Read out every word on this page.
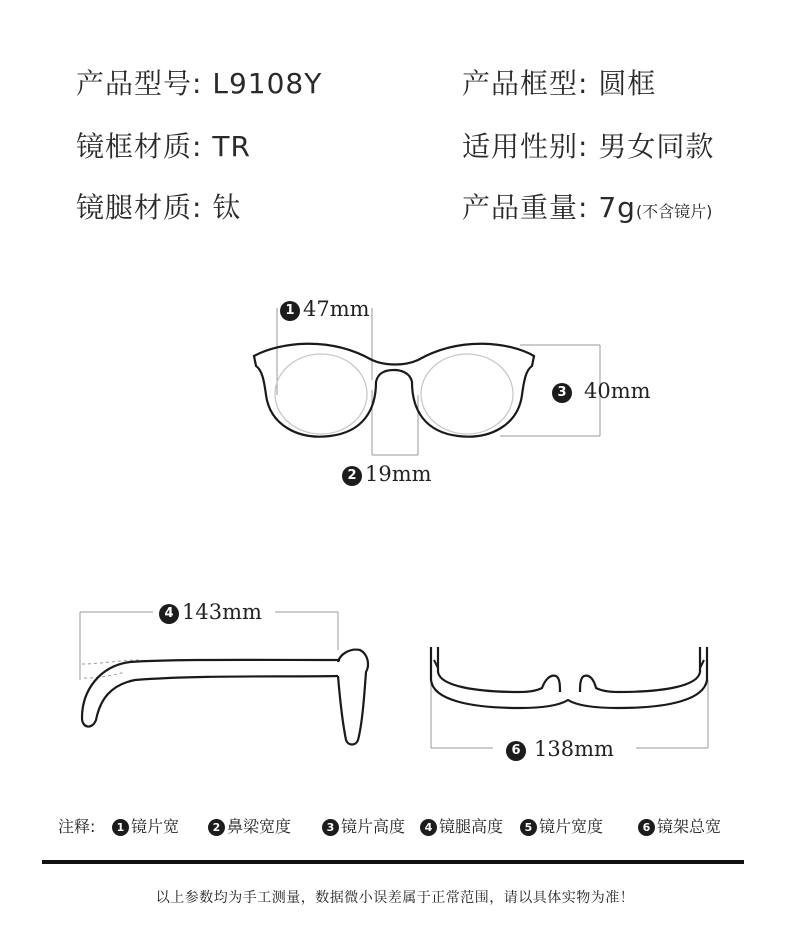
产品型号: L9108Y	产品框型: 圆框
镜框材质: TR	适用性别: 男女同款
镜腿材质: 钛	产品重量: 7g(不含镜片)
1 47mm
2 19mm
3 40mm
4 143mm
6 138mm
注释:	1 镜片宽	2 鼻梁宽度	3 镜片高度	4 镜腿高度	5 镜片宽度	6 镜架总宽
以上参数均为手工测量，数据微小误差属于正常范围，请以具体实物为准！
